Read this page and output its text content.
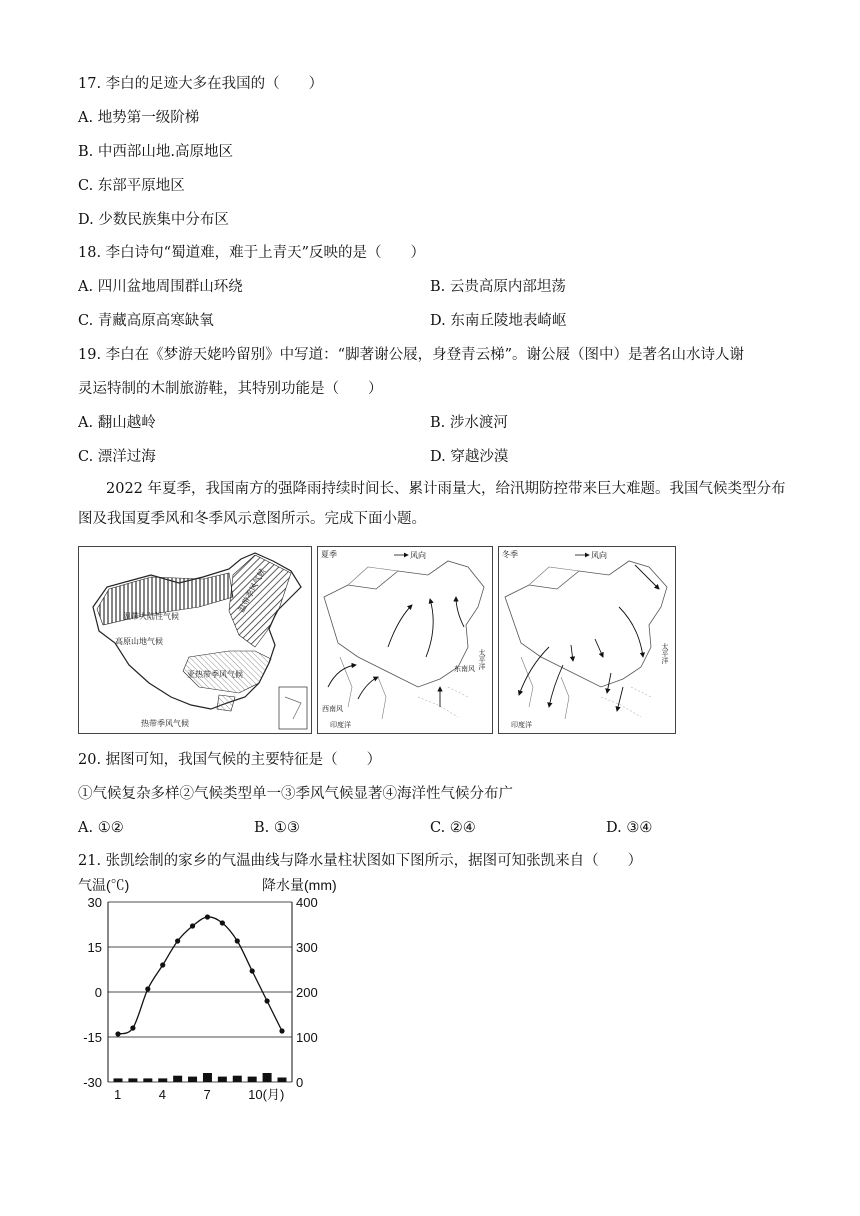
17. 李白的足迹大多在我国的（　　）
A. 地势第一级阶梯
B. 中西部山地.高原地区
C. 东部平原地区
D. 少数民族集中分布区
18. 李白诗句“蜀道难，难于上青天”反映的是（　　）
A. 四川盆地周围群山环绕	B. 云贵高原内部坦荡
C. 青藏高原高寒缺氧	D. 东南丘陵地表崎岖
19. 李白在《梦游天姥吟留别》中写道：“脚著谢公屐，身登青云梯”。谢公屐（图中）是著名山水诗人谢
灵运特制的木制旅游鞋，其特别功能是（　　）
A. 翻山越岭	B. 涉水渡河
C. 漂洋过海	D. 穿越沙漠
2022 年夏季，我国南方的强降雨持续时间长、累计雨量大，给汛期防控带来巨大难题。我国气候类型分布图及我国夏季风和冬季风示意图所示。完成下面小题。
温带大陆性气候
高原山地气候
亚热带季风气候
热带季风气候
温带季风气候
夏季	风向
东南风
西南风
太平洋
印度洋
冬季	风向
太平洋
印度洋
20. 据图可知，我国气候的主要特征是（　　）
①气候复杂多样②气候类型单一③季风气候显著④海洋性气候分布广
A. ①②	B. ①③	C. ②④	D. ③④
21. 张凯绘制的家乡的气温曲线与降水量柱状图如下图所示，据图可知张凯来自（　　）
气温(℃)	降水量(mm)
30
15
0
-15
-30
400
300
200
100
0
1	4	7	10(月)
